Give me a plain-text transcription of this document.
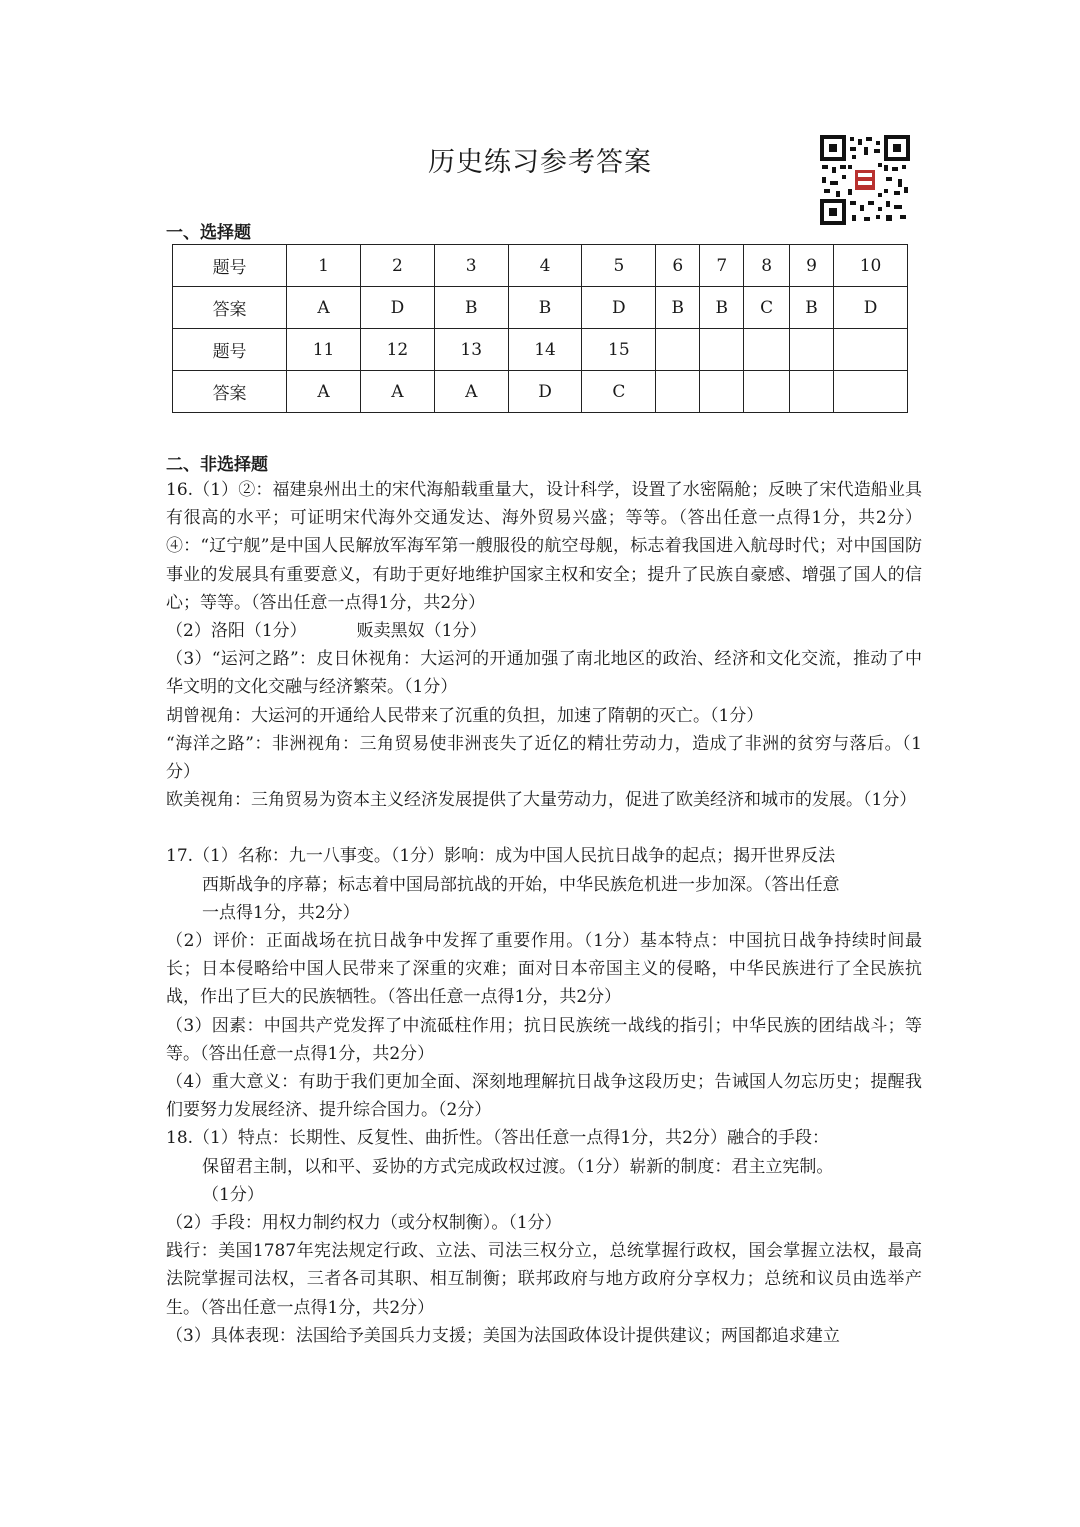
历史练习参考答案
一、选择题
题号	1	2	3	4	5	6	7	8	9	10
答案	A	D	B	B	D	B	B	C	B	D
题号	11	12	13	14	15					
答案	A	A	A	D	C					
二、非选择题

16.（1）②：福建泉州出土的宋代海船载重量大，设计科学，设置了水密隔舱；反映了宋代造船业具有很高的水平；可证明宋代海外交通发达、海外贸易兴盛；等等。（答出任意一点得1分，共2分）④：“辽宁舰”是中国人民解放军海军第一艘服役的航空母舰，标志着我国进入航母时代；对中国国防事业的发展具有重要意义，有助于更好地维护国家主权和安全；提升了民族自豪感、增强了国人的信心；等等。（答出任意一点得1分，共2分）

（2）洛阳（1分）	贩卖黑奴（1分）

（3）“运河之路”：皮日休视角：大运河的开通加强了南北地区的政治、经济和文化交流，推动了中华文明的文化交融与经济繁荣。（1分）

胡曾视角：大运河的开通给人民带来了沉重的负担，加速了隋朝的灭亡。（1分）

“海洋之路”：非洲视角：三角贸易使非洲丧失了近亿的精壮劳动力，造成了非洲的贫穷与落后。（1分）

欧美视角：三角贸易为资本主义经济发展提供了大量劳动力，促进了欧美经济和城市的发展。（1分）

17.（1）名称：九一八事变。（1分）影响：成为中国人民抗日战争的起点；揭开世界反法

西斯战争的序幕；标志着中国局部抗战的开始，中华民族危机进一步加深。（答出任意

一点得1分，共2分）

（2）评价：正面战场在抗日战争中发挥了重要作用。（1分）基本特点：中国抗日战争持续时间最长；日本侵略给中国人民带来了深重的灾难；面对日本帝国主义的侵略，中华民族进行了全民族抗战，作出了巨大的民族牺牲。（答出任意一点得1分，共2分）

（3）因素：中国共产党发挥了中流砥柱作用；抗日民族统一战线的指引；中华民族的团结战斗；等等。（答出任意一点得1分，共2分）

（4）重大意义：有助于我们更加全面、深刻地理解抗日战争这段历史；告诫国人勿忘历史；提醒我们要努力发展经济、提升综合国力。（2分）

18.（1）特点：长期性、反复性、曲折性。（答出任意一点得1分，共2分）融合的手段：

保留君主制，以和平、妥协的方式完成政权过渡。（1分）崭新的制度：君主立宪制。

（1分）

（2）手段：用权力制约权力（或分权制衡）。（1分）

践行：美国1787年宪法规定行政、立法、司法三权分立，总统掌握行政权，国会掌握立法权，最高法院掌握司法权，三者各司其职、相互制衡；联邦政府与地方政府分享权力；总统和议员由选举产生。（答出任意一点得1分，共2分）

（3）具体表现：法国给予美国兵力支援；美国为法国政体设计提供建议；两国都追求建立
